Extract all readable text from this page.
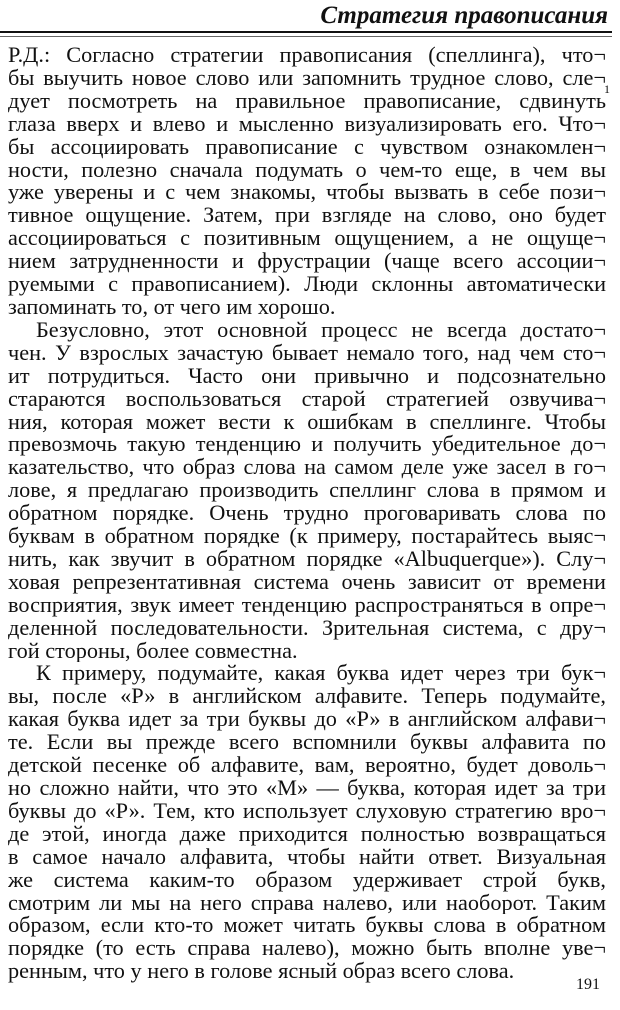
Стратегия правописания
1
Р.Д.: Согласно стратегии правописания (спеллинга), что¬
бы выучить новое слово или запомнить трудное слово, сле¬
дует посмотреть на правильное правописание, сдвинуть
глаза вверх и влево и мысленно визуализировать его. Что¬
бы ассоциировать правописание с чувством ознакомлен¬
ности, полезно сначала подумать о чем-то еще, в чем вы
уже уверены и с чем знакомы, чтобы вызвать в себе пози¬
тивное ощущение. Затем, при взгляде на слово, оно будет
ассоциироваться с позитивным ощущением, а не ощуще¬
нием затрудненности и фрустрации (чаще всего ассоции¬
руемыми с правописанием). Люди склонны автоматически
запоминать то, от чего им хорошо.
Безусловно, этот основной процесс не всегда достато¬
чен. У взрослых зачастую бывает немало того, над чем сто¬
ит потрудиться. Часто они привычно и подсознательно
стараются воспользоваться старой стратегией озвучива¬
ния, которая может вести к ошибкам в спеллинге. Чтобы
превозмочь такую тенденцию и получить убедительное до¬
казательство, что образ слова на самом деле уже засел в го¬
лове, я предлагаю производить спеллинг слова в прямом и
обратном порядке. Очень трудно проговаривать слова по
буквам в обратном порядке (к примеру, постарайтесь выяс¬
нить, как звучит в обратном порядке «Albuquerque»). Слу¬
ховая репрезентативная система очень зависит от времени
восприятия, звук имеет тенденцию распространяться в опре¬
деленной последовательности. Зрительная система, с дру¬
гой стороны, более совместна.
К примеру, подумайте, какая буква идет через три бук¬
вы, после «Р» в английском алфавите. Теперь подумайте,
какая буква идет за три буквы до «Р» в английском алфави¬
те. Если вы прежде всего вспомнили буквы алфавита по
детской песенке об алфавите, вам, вероятно, будет доволь¬
но сложно найти, что это «М» — буква, которая идет за три
буквы до «Р». Тем, кто использует слуховую стратегию вро¬
де этой, иногда даже приходится полностью возвращаться
в самое начало алфавита, чтобы найти ответ. Визуальная
же система каким-то образом удерживает строй букв,
смотрим ли мы на него справа налево, или наоборот. Таким
образом, если кто-то может читать буквы слова в обратном
порядке (то есть справа налево), можно быть вполне уве¬
ренным, что у него в голове ясный образ всего слова.
191
